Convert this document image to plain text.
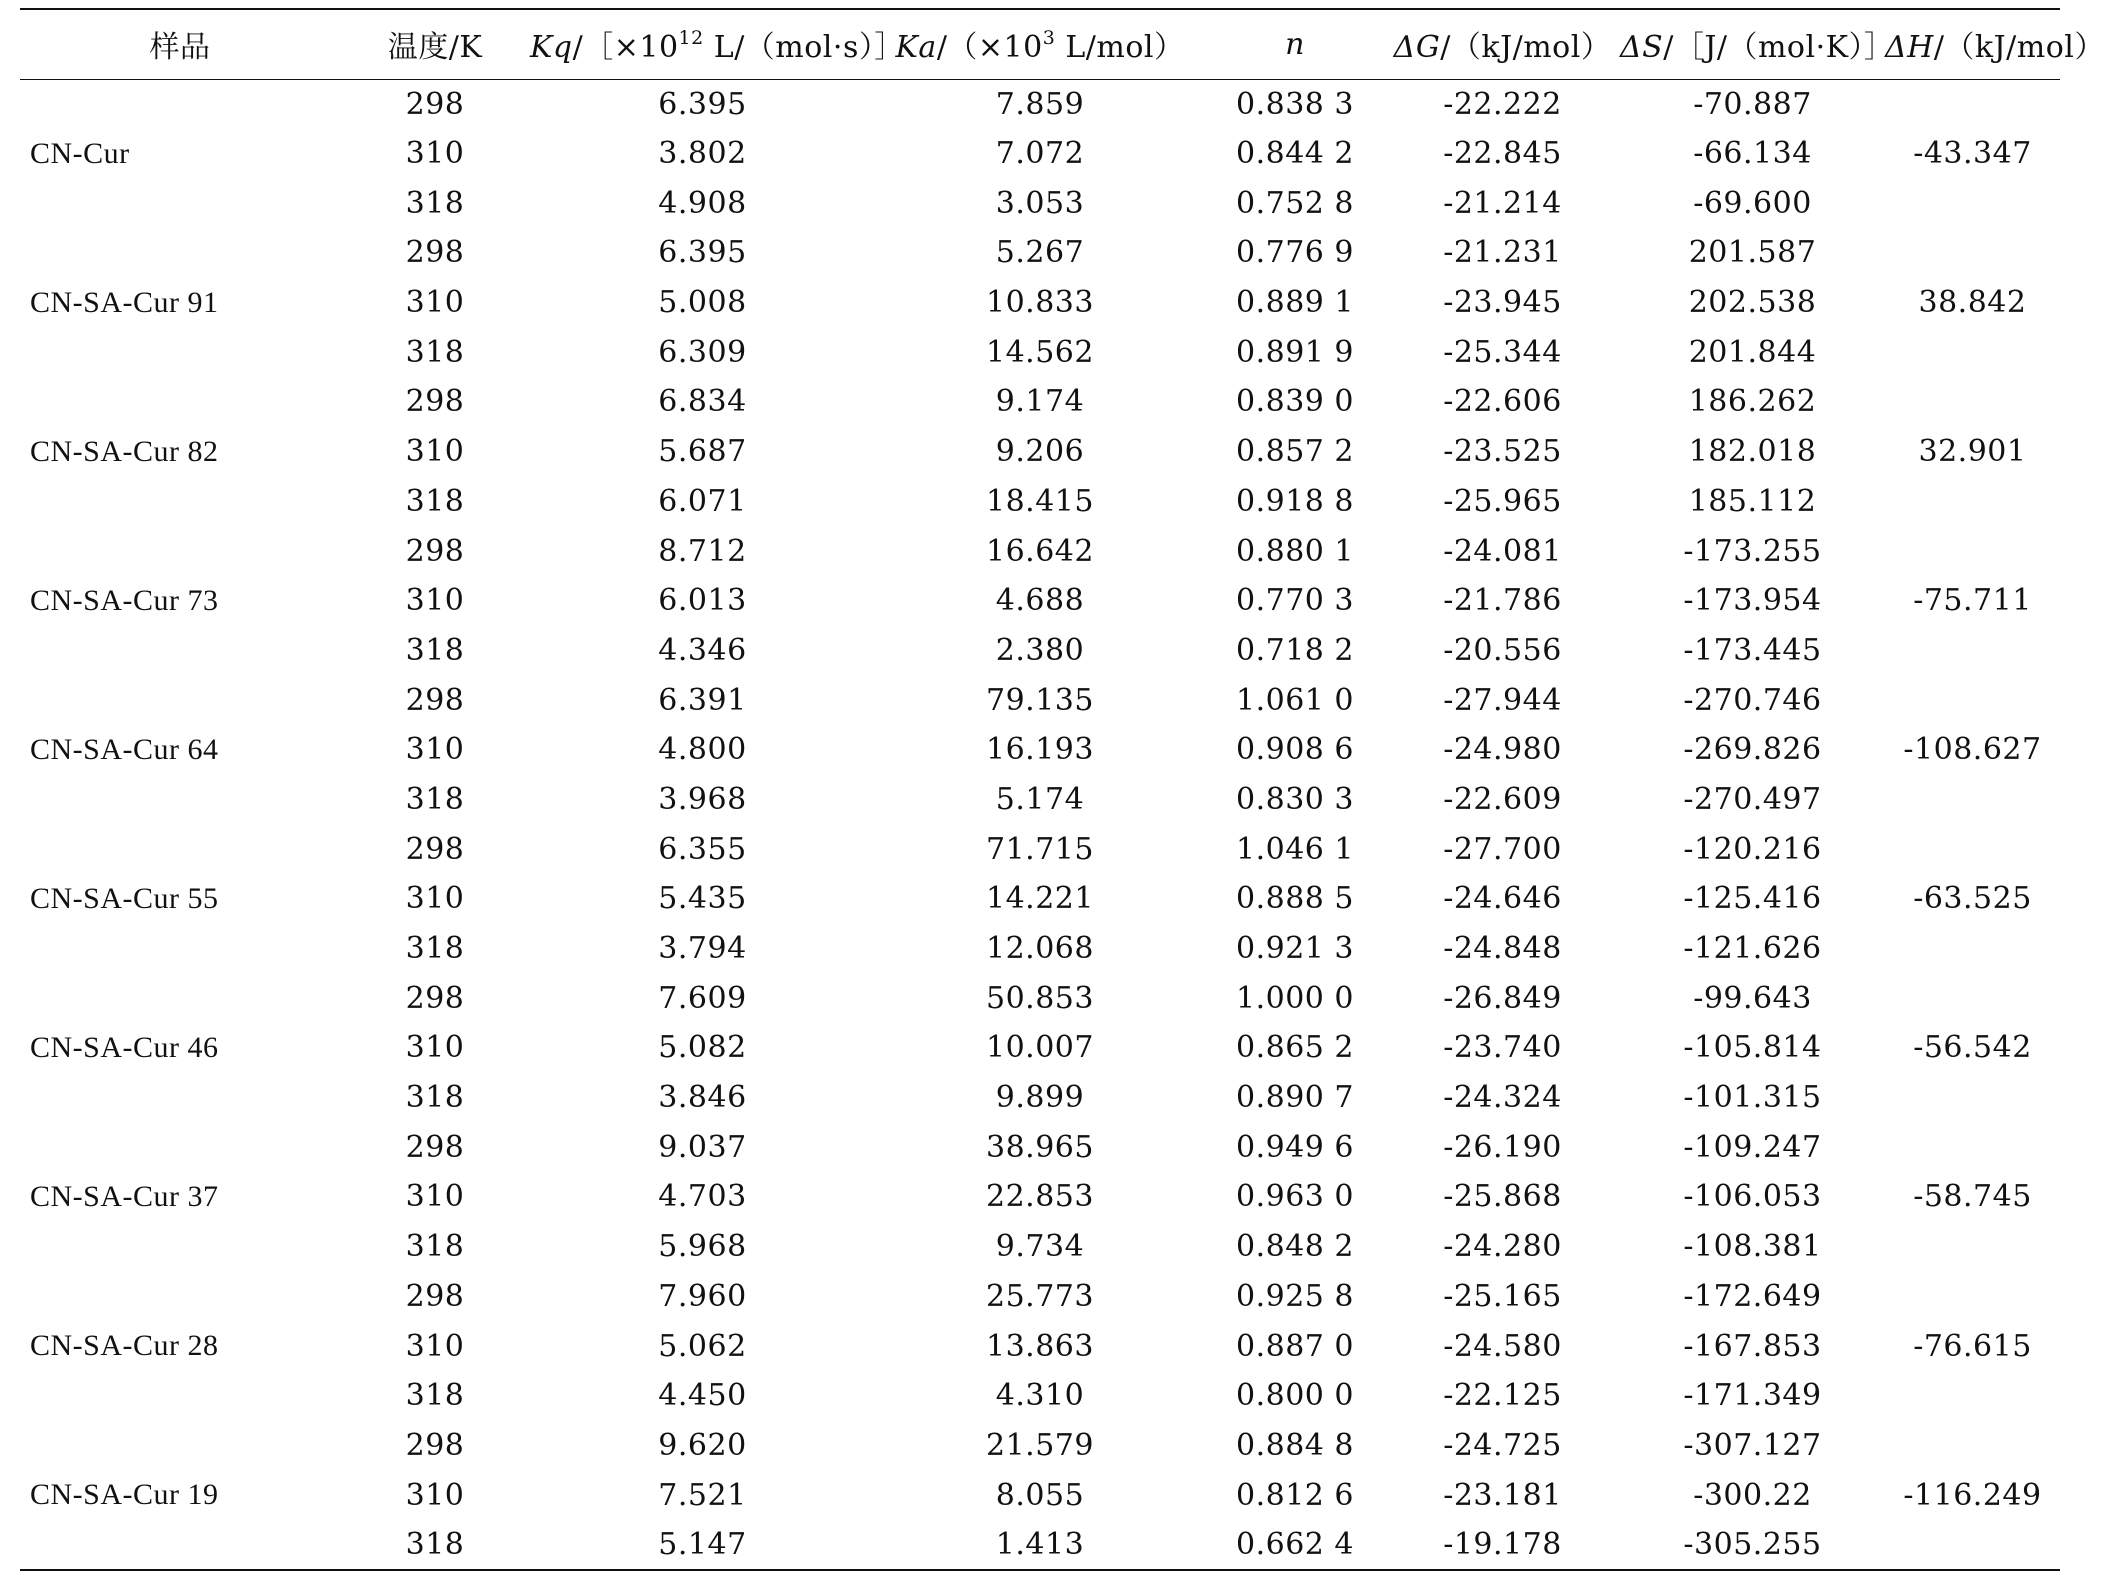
样品	温度/K	$Kq/[\times 10^{12}$ L/（mol·s）］	$Ka/(\times 10^3$ L/mol）	n	ΔG/（kJ/mol）	ΔS/［J/（mol·K）］	ΔH/（kJ/mol）
	298	6.395	7.859	0.838 3	-22.222	-70.887	
CN-Cur	310	3.802	7.072	0.844 2	-22.845	-66.134	-43.347
	318	4.908	3.053	0.752 8	-21.214	-69.600	
	298	6.395	5.267	0.776 9	-21.231	201.587	
CN-SA-Cur 91	310	5.008	10.833	0.889 1	-23.945	202.538	38.842
	318	6.309	14.562	0.891 9	-25.344	201.844	
	298	6.834	9.174	0.839 0	-22.606	186.262	
CN-SA-Cur 82	310	5.687	9.206	0.857 2	-23.525	182.018	32.901
	318	6.071	18.415	0.918 8	-25.965	185.112	
	298	8.712	16.642	0.880 1	-24.081	-173.255	
CN-SA-Cur 73	310	6.013	4.688	0.770 3	-21.786	-173.954	-75.711
	318	4.346	2.380	0.718 2	-20.556	-173.445	
	298	6.391	79.135	1.061 0	-27.944	-270.746	
CN-SA-Cur 64	310	4.800	16.193	0.908 6	-24.980	-269.826	-108.627
	318	3.968	5.174	0.830 3	-22.609	-270.497	
	298	6.355	71.715	1.046 1	-27.700	-120.216	
CN-SA-Cur 55	310	5.435	14.221	0.888 5	-24.646	-125.416	-63.525
	318	3.794	12.068	0.921 3	-24.848	-121.626	
	298	7.609	50.853	1.000 0	-26.849	-99.643	
CN-SA-Cur 46	310	5.082	10.007	0.865 2	-23.740	-105.814	-56.542
	318	3.846	9.899	0.890 7	-24.324	-101.315	
	298	9.037	38.965	0.949 6	-26.190	-109.247	
CN-SA-Cur 37	310	4.703	22.853	0.963 0	-25.868	-106.053	-58.745
	318	5.968	9.734	0.848 2	-24.280	-108.381	
	298	7.960	25.773	0.925 8	-25.165	-172.649	
CN-SA-Cur 28	310	5.062	13.863	0.887 0	-24.580	-167.853	-76.615
	318	4.450	4.310	0.800 0	-22.125	-171.349	
	298	9.620	21.579	0.884 8	-24.725	-307.127	
CN-SA-Cur 19	310	7.521	8.055	0.812 6	-23.181	-300.22	-116.249
	318	5.147	1.413	0.662 4	-19.178	-305.255	
